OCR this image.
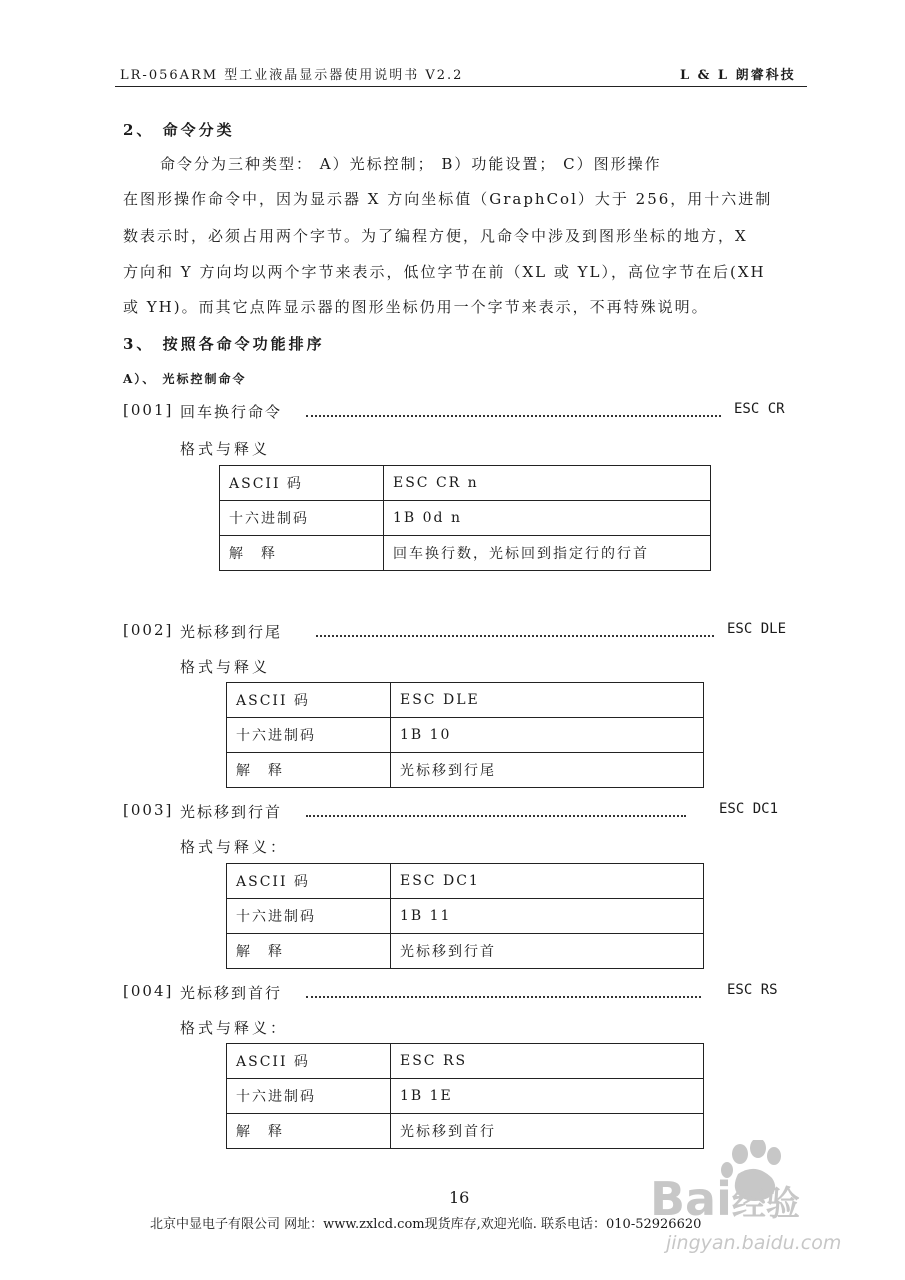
LR-056ARM 型工业液晶显示器使用说明书 V2.2	L & L 朗睿科技
2、 命令分类
命令分为三种类型： A）光标控制； B）功能设置； C）图形操作
在图形操作命令中，因为显示器 X 方向坐标值（GraphCol）大于 256，用十六进制
数表示时，必须占用两个字节。为了编程方便，凡命令中涉及到图形坐标的地方，X
方向和 Y 方向均以两个字节来表示，低位字节在前（XL 或 YL），高位字节在后(XH
或 YH)。而其它点阵显示器的图形坐标仍用一个字节来表示，不再特殊说明。
3、 按照各命令功能排序
A）、 光标控制命令
[001] 回车换行命令	ESC CR
格式与释义
ASCII 码	ESC CR n
十六进制码	1B 0d n
解　释	回车换行数，光标回到指定行的行首
[002] 光标移到行尾	ESC DLE
格式与释义
ASCII 码	ESC DLE
十六进制码	1B 10
解　释	光标移到行尾
[003] 光标移到行首	ESC DC1
格式与释义：
ASCII 码	ESC DC1
十六进制码	1B 11
解　释	光标移到行首
[004] 光标移到首行	ESC RS
格式与释义：
ASCII 码	ESC RS
十六进制码	1B 1E
解　释	光标移到首行
16
北京中显电子有限公司 网址：www.zxlcd.com现货库存,欢迎光临. 联系电话：010-52926620
Bai经验
jingyan.baidu.com
